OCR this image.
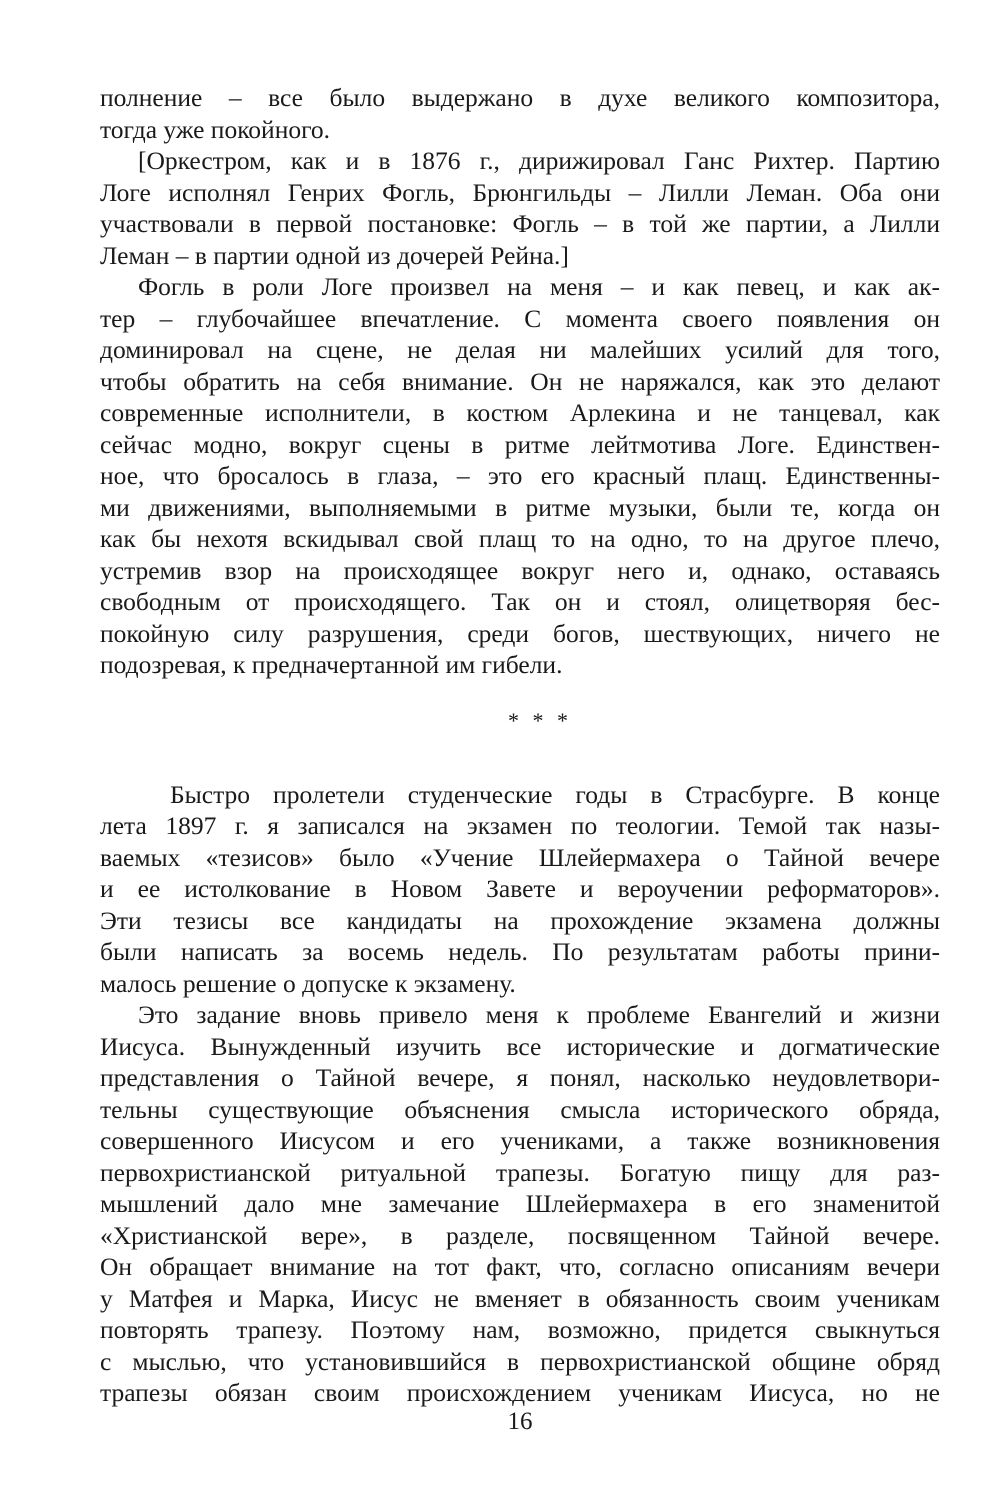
полнение – все было выдержано в духе великого композитора,
тогда уже покойного.
[Оркестром, как и в 1876 г., дирижировал Ганс Рихтер. Партию
Логе исполнял Генрих Фогль, Брюнгильды – Лилли Леман. Оба они
участвовали в первой постановке: Фогль – в той же партии, а Лилли
Леман – в партии одной из дочерей Рейна.]
Фогль в роли Логе произвел на меня – и как певец, и как ак-
тер – глубочайшее впечатление. С момента своего появления он
доминировал на сцене, не делая ни малейших усилий для того,
чтобы обратить на себя внимание. Он не наряжался, как это делают
современные исполнители, в костюм Арлекина и не танцевал, как
сейчас модно, вокруг сцены в ритме лейтмотива Логе. Единствен-
ное, что бросалось в глаза, – это его красный плащ. Единственны-
ми движениями, выполняемыми в ритме музыки, были те, когда он
как бы нехотя вскидывал свой плащ то на одно, то на другое плечо,
устремив взор на происходящее вокруг него и, однако, оставаясь
свободным от происходящего. Так он и стоял, олицетворяя бес-
покойную силу разрушения, среди богов, шествующих, ничего не
подозревая, к предначертанной им гибели.
* * *
Быстро пролетели студенческие годы в Страсбурге. В конце
лета 1897 г. я записался на экзамен по теологии. Темой так назы-
ваемых «тезисов» было «Учение Шлейермахера о Тайной вечере
и ее истолкование в Новом Завете и вероучении реформаторов».
Эти тезисы все кандидаты на прохождение экзамена должны
были написать за восемь недель. По результатам работы прини-
малось решение о допуске к экзамену.
Это задание вновь привело меня к проблеме Евангелий и жизни
Иисуса. Вынужденный изучить все исторические и догматические
представления о Тайной вечере, я понял, насколько неудовлетвори-
тельны существующие объяснения смысла исторического обряда,
совершенного Иисусом и его учениками, а также возникновения
первохристианской ритуальной трапезы. Богатую пищу для раз-
мышлений дало мне замечание Шлейермахера в его знаменитой
«Христианской вере», в разделе, посвященном Тайной вечере.
Он обращает внимание на тот факт, что, согласно описаниям вечери
у Матфея и Марка, Иисус не вменяет в обязанность своим ученикам
повторять трапезу. Поэтому нам, возможно, придется свыкнуться
с мыслью, что установившийся в первохристианской общине обряд
трапезы обязан своим происхождением ученикам Иисуса, но не
16
